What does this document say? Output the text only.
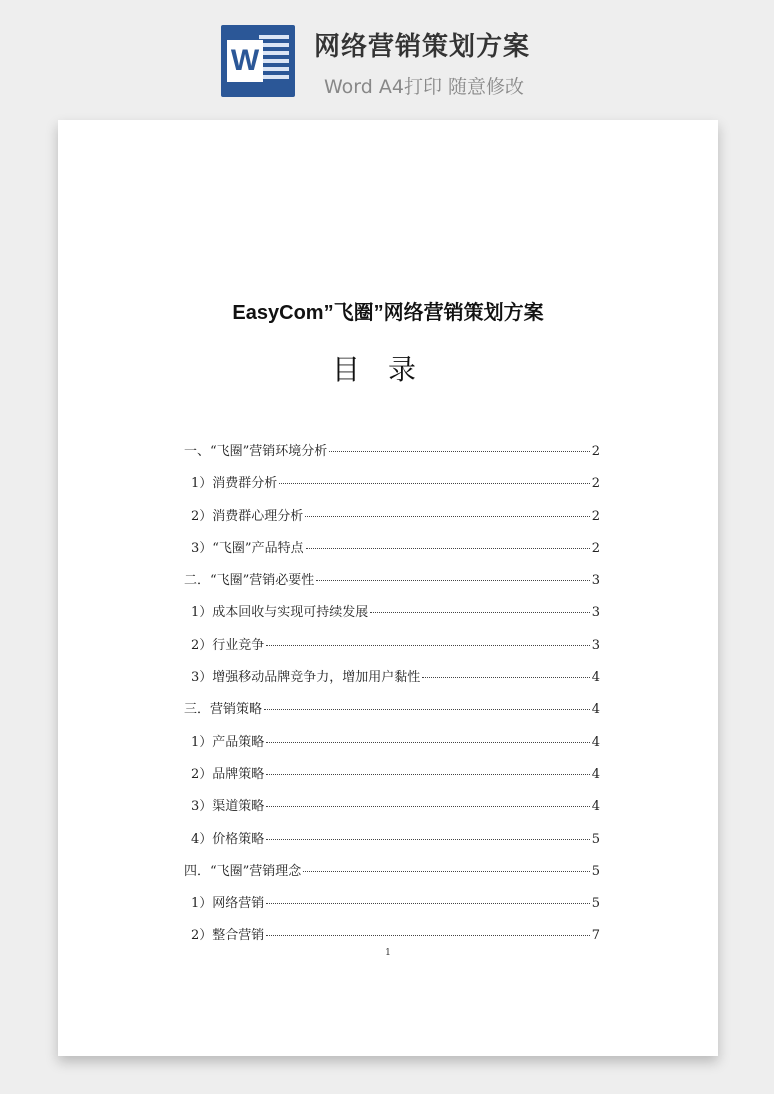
W 网络营销策划方案
Word A4打印 随意修改
EasyCom”飞圈”网络营销策划方案
目录
一、“飞圈”营销环境分析	2
1）消费群分析	2
2）消费群心理分析	2
3）“飞圈”产品特点	2
二．“飞圈”营销必要性	3
1）成本回收与实现可持续发展	3
2）行业竞争	3
3）增强移动品牌竞争力，增加用户黏性	4
三．营销策略	4
1）产品策略	4
2）品牌策略	4
3）渠道策略	4
4）价格策略	5
四．“飞圈”营销理念	5
1）网络营销	5
2）整合营销	7
1
